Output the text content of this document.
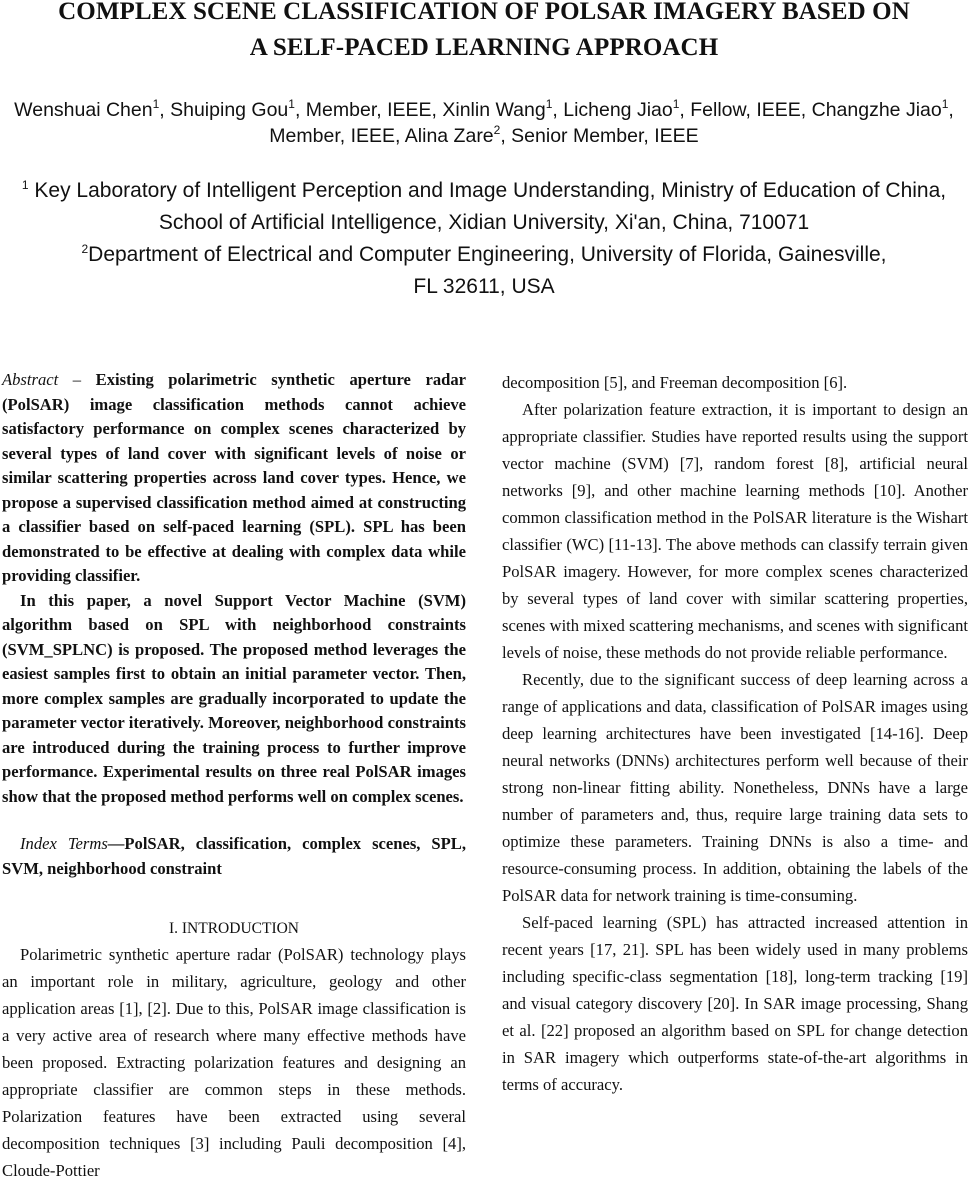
COMPLEX SCENE CLASSIFICATION OF POLSAR IMAGERY BASED ON
A SELF-PACED LEARNING APPROACH
Wenshuai Chen$^1$, Shuiping Gou$^1$, Member, IEEE, Xinlin Wang$^1$, Licheng Jiao$^1$, Fellow, IEEE, Changzhe Jiao$^1$, Member, IEEE, Alina Zare$^2$, Senior Member, IEEE
$^1$ Key Laboratory of Intelligent Perception and Image Understanding, Ministry of Education of China,
School of Artificial Intelligence, Xidian University, Xi'an, China, 710071
$^2$Department of Electrical and Computer Engineering, University of Florida, Gainesville,
FL 32611, USA

Abstract – Existing polarimetric synthetic aperture radar (PolSAR) image classification methods cannot achieve satisfactory performance on complex scenes characterized by several types of land cover with significant levels of noise or similar scattering properties across land cover types. Hence, we propose a supervised classification method aimed at constructing a classifier based on self-paced learning (SPL). SPL has been demonstrated to be effective at dealing with complex data while providing classifier.

In this paper, a novel Support Vector Machine (SVM) algorithm based on SPL with neighborhood constraints (SVM_SPLNC) is proposed. The proposed method leverages the easiest samples first to obtain an initial parameter vector. Then, more complex samples are gradually incorporated to update the parameter vector iteratively. Moreover, neighborhood constraints are introduced during the training process to further improve performance. Experimental results on three real PolSAR images show that the proposed method performs well on complex scenes.

Index Terms—PolSAR, classification, complex scenes, SPL, SVM, neighborhood constraint

I. INTRODUCTION

Polarimetric synthetic aperture radar (PolSAR) technology plays an important role in military, agriculture, geology and other application areas [1], [2]. Due to this, PolSAR image classification is a very active area of research where many effective methods have been proposed. Extracting polarization features and designing an appropriate classifier are common steps in these methods. Polarization features have been extracted using several decomposition techniques [3] including Pauli decomposition [4], Cloude-Pottier

decomposition [5], and Freeman decomposition [6].

After polarization feature extraction, it is important to design an appropriate classifier. Studies have reported results using the support vector machine (SVM) [7], random forest [8], artificial neural networks [9], and other machine learning methods [10]. Another common classification method in the PolSAR literature is the Wishart classifier (WC) [11-13]. The above methods can classify terrain given PolSAR imagery. However, for more complex scenes characterized by several types of land cover with similar scattering properties, scenes with mixed scattering mechanisms, and scenes with significant levels of noise, these methods do not provide reliable performance.

Recently, due to the significant success of deep learning across a range of applications and data, classification of PolSAR images using deep learning architectures have been investigated [14-16]. Deep neural networks (DNNs) architectures perform well because of their strong non-linear fitting ability. Nonetheless, DNNs have a large number of parameters and, thus, require large training data sets to optimize these parameters. Training DNNs is also a time- and resource-consuming process. In addition, obtaining the labels of the PolSAR data for network training is time-consuming.

Self-paced learning (SPL) has attracted increased attention in recent years [17, 21]. SPL has been widely used in many problems including specific-class segmentation [18], long-term tracking [19] and visual category discovery [20]. In SAR image processing, Shang et al. [22] proposed an algorithm based on SPL for change detection in SAR imagery which outperforms state-of-the-art algorithms in terms of accuracy.
